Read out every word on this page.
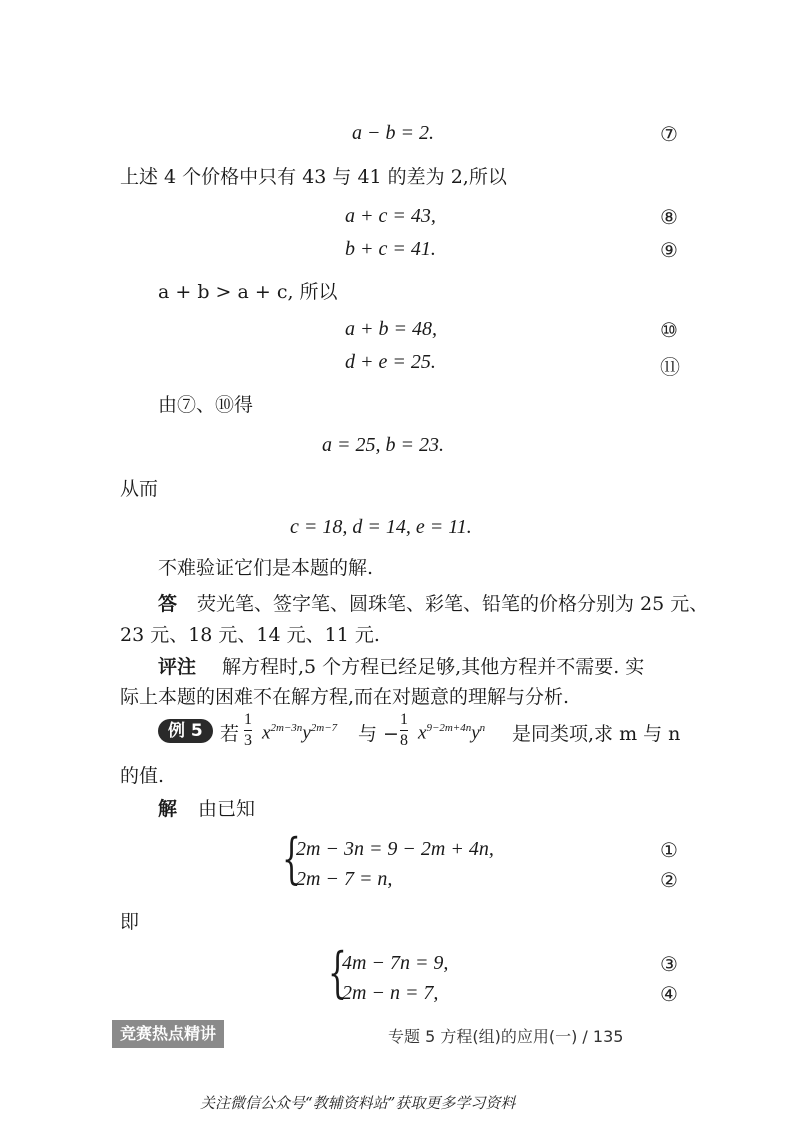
a − b = 2.	⑦
上述 4 个价格中只有 43 与 41 的差为 2,所以
a + c = 43,	⑧
b + c = 41.	⑨
a + b > a + c, 所以
a + b = 48,	⑩
d + e = 25.	⑪
由⑦、⑩得
a = 25, b = 23.
从而
c = 18, d = 14, e = 11.
不难验证它们是本题的解.
答 荧光笔、签字笔、圆珠笔、彩笔、铅笔的价格分别为 25 元、
23 元、18 元、14 元、11 元.
评注 解方程时,5 个方程已经足够,其他方程并不需要. 实
际上本题的困难不在解方程,而在对题意的理解与分析.
例 5 若 $\frac{1}{3} x^{2m-3n}y^{2m-7}$ 与 − $\frac{1}{8} x^{9-2m+4n}y^n$ 是同类项,求 m 与 n
的值.
解 由已知
{
2m − 3n = 9 − 2m + 4n,	①
2m − 7 = n,	②
即
{
4m − 7n = 9,	③
2m − n = 7,	④
竞赛热点精讲	专题 5 方程(组)的应用(一) / 135
关注微信公众号“教辅资料站”获取更多学习资料
